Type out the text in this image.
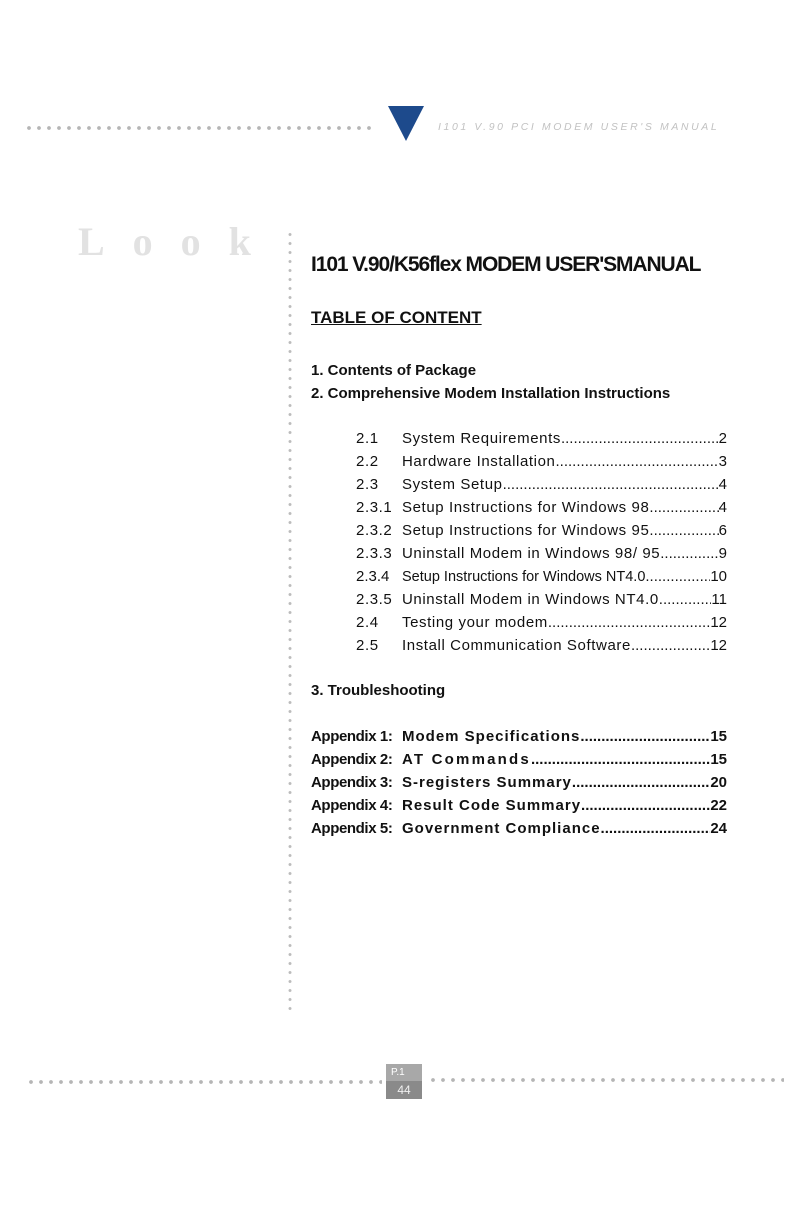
I101 V.90 PCI MODEM USER'S MANUAL
Look
I101 V.90/K56flex MODEM USER'SMANUAL
TABLE OF CONTENT
1. Contents of Package
2. Comprehensive Modem Installation Instructions
2.1	System Requirements .....	2
2.2	Hardware Installation .....	3
2.3	System Setup .....	4
2.3.1 Setup Instructions for Windows 98 .....	4
2.3.2 Setup Instructions for Windows 95 .....	6
2.3.3 Uninstall Modem in Windows 98/ 95 .....	9
2.3.4 Setup Instructions for Windows NT4.0 .....	10
2.3.5 Uninstall Modem in Windows NT4.0 .....	11
2.4	Testing your modem .....	12
2.5	Install Communication Software .....	12
3. Troubleshooting
Appendix 1: Modem Specifications .....	15
Appendix 2: AT Commands .....	15
Appendix 3: S-registers Summary .....	20
Appendix 4: Result Code Summary .....	22
Appendix 5: Government Compliance .....	24
P.1
44
